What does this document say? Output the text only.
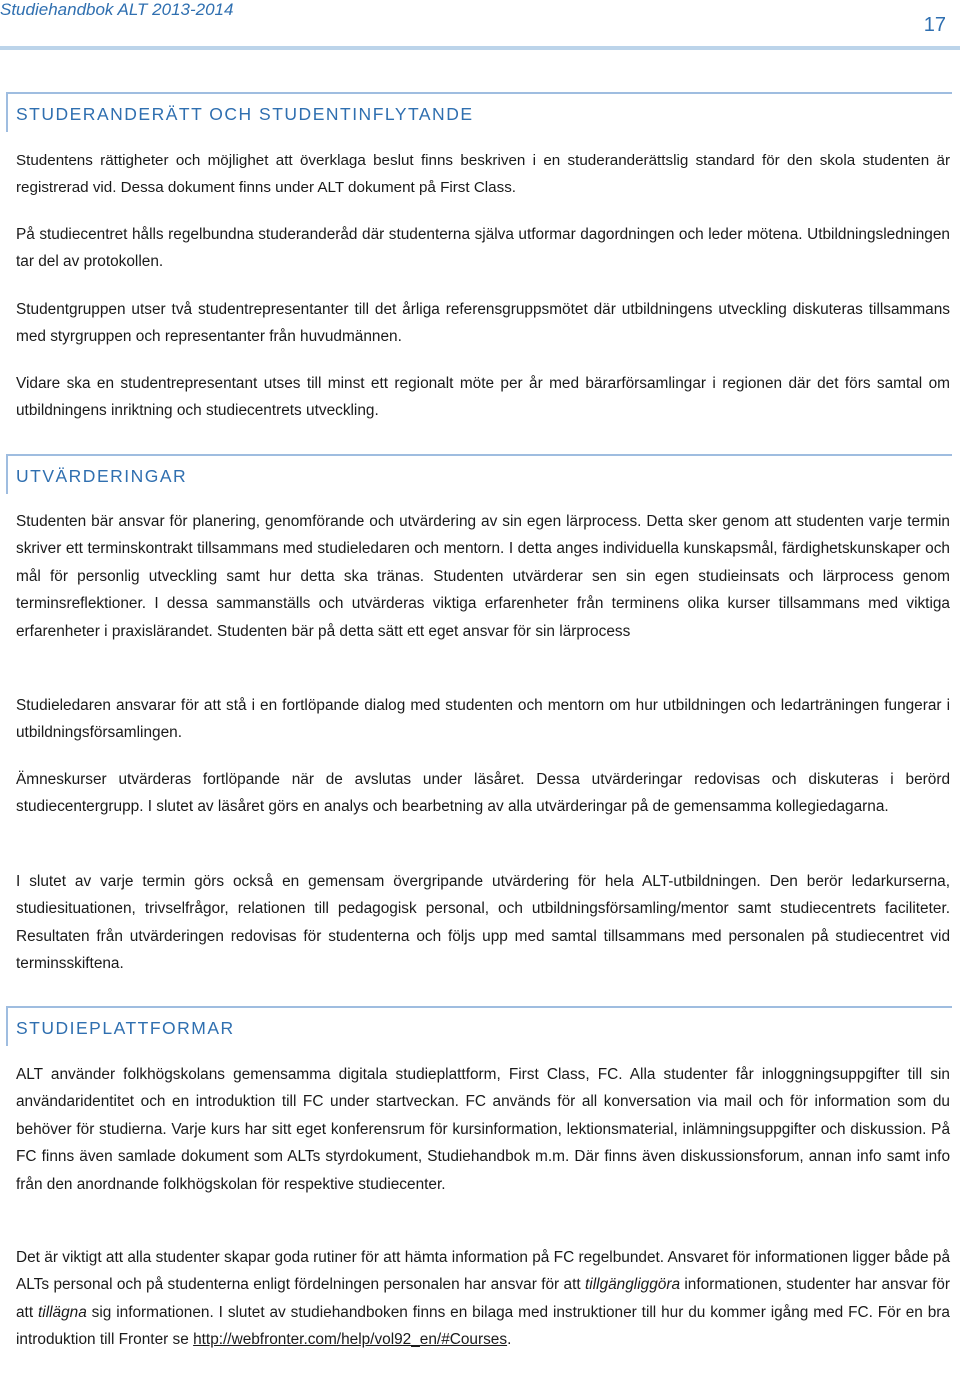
Studiehandbok ALT 2013-2014
17
STUDERANDERÄTT OCH STUDENTINFLYTANDE

Studentens rättigheter och möjlighet att överklaga beslut finns beskriven i en studeranderättslig standard för den skola studenten är registrerad vid. Dessa dokument finns under ALT dokument på First Class.

På studiecentret hålls regelbundna studeranderåd där studenterna själva utformar dagordningen och leder mötena. Utbildningsledningen tar del av protokollen.

Studentgruppen utser två studentrepresentanter till det årliga referensgruppsmötet där utbildningens utveckling diskuteras tillsammans med styrgruppen och representanter från huvudmännen.

Vidare ska en studentrepresentant utses till minst ett regionalt möte per år med bärarförsamlingar i regionen där det förs samtal om utbildningens inriktning och studiecentrets utveckling.

UTVÄRDERINGAR

Studenten bär ansvar för planering, genomförande och utvärdering av sin egen lärprocess. Detta sker genom att studenten varje termin skriver ett terminskontrakt tillsammans med studieledaren och mentorn. I detta anges individuella kunskapsmål, färdighetskunskaper och mål för personlig utveckling samt hur detta ska tränas. Studenten utvärderar sen sin egen studieinsats och lärprocess genom terminsreflektioner. I dessa sammanställs och utvärderas viktiga erfarenheter från terminens olika kurser tillsammans med viktiga erfarenheter i praxislärandet. Studenten bär på detta sätt ett eget ansvar för sin lärprocess

Studieledaren ansvarar för att stå i en fortlöpande dialog med studenten och mentorn om hur utbildningen och ledarträningen fungerar i utbildningsförsamlingen.

Ämneskurser utvärderas fortlöpande när de avslutas under läsåret. Dessa utvärderingar redovisas och diskuteras i berörd studiecentergrupp. I slutet av läsåret görs en analys och bearbetning av alla utvärderingar på de gemensamma kollegiedagarna.

I slutet av varje termin görs också en gemensam övergripande utvärdering för hela ALT-utbildningen. Den berör ledarkurserna, studiesituationen, trivselfrågor, relationen till pedagogisk personal, och utbildningsförsamling/mentor samt studiecentrets faciliteter. Resultaten från utvärderingen redovisas för studenterna och följs upp med samtal tillsammans med personalen på studiecentret vid terminsskiftena.

STUDIEPLATTFORMAR

ALT använder folkhögskolans gemensamma digitala studieplattform, First Class, FC. Alla studenter får inloggningsuppgifter till sin användaridentitet och en introduktion till FC under startveckan. FC används för all konversation via mail och för information som du behöver för studierna. Varje kurs har sitt eget konferensrum för kursinformation, lektionsmaterial, inlämningsuppgifter och diskussion. På FC finns även samlade dokument som ALTs styrdokument, Studiehandbok m.m. Där finns även diskussionsforum, annan info samt info från den anordnande folkhögskolan för respektive studiecenter.

Det är viktigt att alla studenter skapar goda rutiner för att hämta information på FC regelbundet. Ansvaret för informationen ligger både på ALTs personal och på studenterna enligt fördelningen personalen har ansvar för att tillgängliggöra informationen, studenter har ansvar för att tillägna sig informationen. I slutet av studiehandboken finns en bilaga med instruktioner till hur du kommer igång med FC. För en bra introduktion till Fronter se http://webfronter.com/help/vol92_en/#Courses.
